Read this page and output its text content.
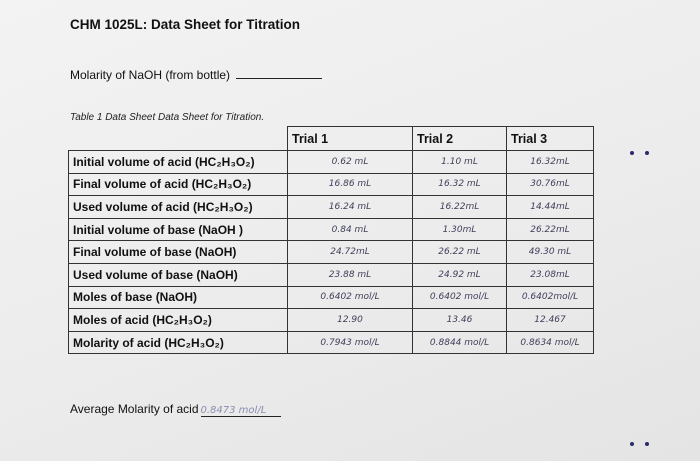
CHM 1025L: Data Sheet for Titration
Molarity of NaOH (from bottle)
Table 1 Data Sheet Data Sheet for Titration.
	Trial 1	Trial 2	Trial 3
Initial volume of acid (HC₂H₃O₂)	0.62 mL	1.10 mL	16.32mL
Final volume of acid (HC₂H₃O₂)	16.86 mL	16.32 mL	30.76mL
Used volume of acid (HC₂H₃O₂)	16.24 mL	16.22mL	14.44mL
Initial volume of base (NaOH )	0.84 mL	1.30mL	26.22mL
Final volume of base (NaOH)	24.72mL	26.22 mL	49.30 mL
Used volume of base (NaOH)	23.88 mL	24.92 mL	23.08mL
Moles of base (NaOH)	0.6402 mol/L	0.6402 mol/L	0.6402mol/L
Moles of acid (HC₂H₃O₂)	12.90	13.46	12.467
Molarity of acid (HC₂H₃O₂)	0.7943 mol/L	0.8844 mol/L	0.8634 mol/L
Average Molarity of acid 0.8473 mol/L
